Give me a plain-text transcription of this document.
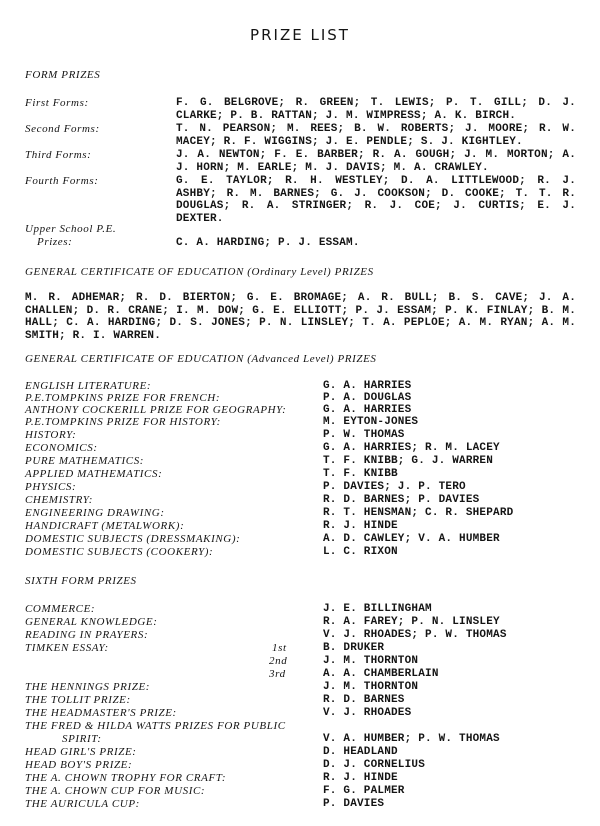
PRIZE LIST
FORM PRIZES
First Forms:	F. G. BELGROVE; R. GREEN; T. LEWIS; P. T. GILL; D. J. CLARKE; P. B. RATTAN; J. M. WIMPRESS; A. K. BIRCH.
Second Forms:	T. N. PEARSON; M. REES; B. W. ROBERTS; J. MOORE; R. W. MACEY; R. F. WIGGINS; J. E. PENDLE; S. J. KIGHTLEY.
Third Forms:	J. A. NEWTON; F. E. BARBER; R. A. GOUGH; J. M. MORTON; A. J. HORN; M. EARLE; M. J. DAVIS; M. A. CRAWLEY.
Fourth Forms:	G. E. TAYLOR; R. H. WESTLEY; D. A. LITTLEWOOD; R. J. ASHBY; R. M. BARNES; G. J. COOKSON; D. COOKE; T. T. R. DOUGLAS; R. A. STRINGER; R. J. COE; J. CURTIS; E. J. DEXTER.
Upper School P.E.
Prizes:	C. A. HARDING; P. J. ESSAM.
GENERAL CERTIFICATE OF EDUCATION (Ordinary Level) PRIZES
M. R. ADHEMAR; R. D. BIERTON; G. E. BROMAGE; A. R. BULL; B. S. CAVE; J. A. CHALLEN; D. R. CRANE; I. M. DOW; G. E. ELLIOTT; P. J. ESSAM; P. K. FINLAY; B. M. HALL; C. A. HARDING; D. S. JONES; P. N. LINSLEY; T. A. PEPLOE; A. M. RYAN; A. M. SMITH; R. I. WARREN.
GENERAL CERTIFICATE OF EDUCATION (Advanced Level) PRIZES
ENGLISH LITERATURE:	G. A. HARRIES
P.E.TOMPKINS PRIZE FOR FRENCH:	P. A. DOUGLAS
ANTHONY COCKERILL PRIZE FOR GEOGRAPHY:	G. A. HARRIES
P.E.TOMPKINS PRIZE FOR HISTORY:	M. EYTON-JONES
HISTORY:	P. W. THOMAS
ECONOMICS:	G. A. HARRIES; R. M. LACEY
PURE MATHEMATICS:	T. F. KNIBB; G. J. WARREN
APPLIED MATHEMATICS:	T. F. KNIBB
PHYSICS:	P. DAVIES; J. P. TERO
CHEMISTRY:	R. D. BARNES; P. DAVIES
ENGINEERING DRAWING:	R. T. HENSMAN; C. R. SHEPARD
HANDICRAFT (METALWORK):	R. J. HINDE
DOMESTIC SUBJECTS (DRESSMAKING):	A. D. CAWLEY; V. A. HUMBER
DOMESTIC SUBJECTS (COOKERY):	L. C. RIXON
SIXTH FORM PRIZES
COMMERCE:	J. E. BILLINGHAM
GENERAL KNOWLEDGE:	R. A. FAREY; P. N. LINSLEY
READING IN PRAYERS:	V. J. RHOADES; P. W. THOMAS
TIMKEN ESSAY:	1st	B. DRUKER
2nd	J. M. THORNTON
3rd	A. A. CHAMBERLAIN
THE HENNINGS PRIZE:	J. M. THORNTON
THE TOLLIT PRIZE:	R. D. BARNES
THE HEADMASTER'S PRIZE:	V. J. RHOADES
THE FRED & HILDA WATTS PRIZES FOR PUBLIC
SPIRIT:	V. A. HUMBER; P. W. THOMAS
HEAD GIRL'S PRIZE:	D. HEADLAND
HEAD BOY'S PRIZE:	D. J. CORNELIUS
THE A. CHOWN TROPHY FOR CRAFT:	R. J. HINDE
THE A. CHOWN CUP FOR MUSIC:	F. G. PALMER
THE AURICULA CUP:	P. DAVIES
